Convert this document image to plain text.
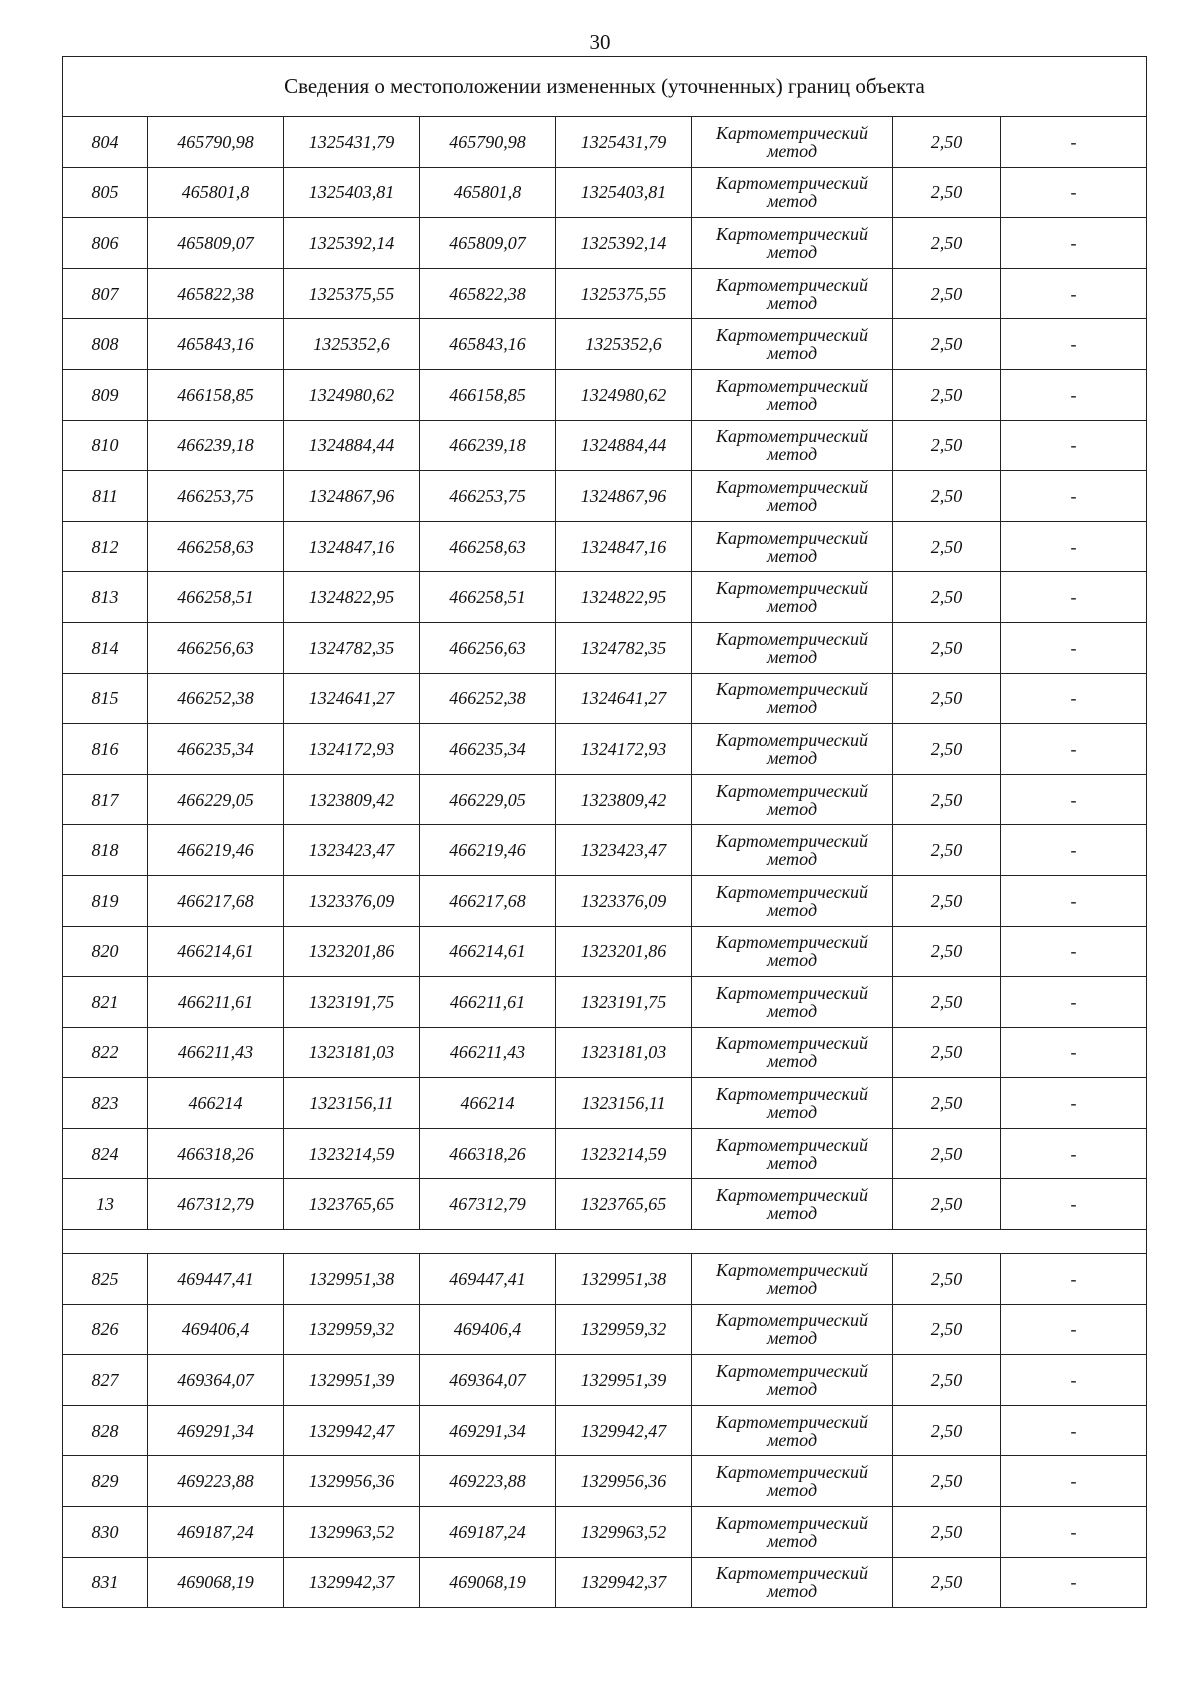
30
Сведения о местоположении измененных (уточненных) границ объекта							
804	465790,98	1325431,79	465790,98	1325431,79	Картометрический метод	2,50	-
805	465801,8	1325403,81	465801,8	1325403,81	Картометрический метод	2,50	-
806	465809,07	1325392,14	465809,07	1325392,14	Картометрический метод	2,50	-
807	465822,38	1325375,55	465822,38	1325375,55	Картометрический метод	2,50	-
808	465843,16	1325352,6	465843,16	1325352,6	Картометрический метод	2,50	-
809	466158,85	1324980,62	466158,85	1324980,62	Картометрический метод	2,50	-
810	466239,18	1324884,44	466239,18	1324884,44	Картометрический метод	2,50	-
811	466253,75	1324867,96	466253,75	1324867,96	Картометрический метод	2,50	-
812	466258,63	1324847,16	466258,63	1324847,16	Картометрический метод	2,50	-
813	466258,51	1324822,95	466258,51	1324822,95	Картометрический метод	2,50	-
814	466256,63	1324782,35	466256,63	1324782,35	Картометрический метод	2,50	-
815	466252,38	1324641,27	466252,38	1324641,27	Картометрический метод	2,50	-
816	466235,34	1324172,93	466235,34	1324172,93	Картометрический метод	2,50	-
817	466229,05	1323809,42	466229,05	1323809,42	Картометрический метод	2,50	-
818	466219,46	1323423,47	466219,46	1323423,47	Картометрический метод	2,50	-
819	466217,68	1323376,09	466217,68	1323376,09	Картометрический метод	2,50	-
820	466214,61	1323201,86	466214,61	1323201,86	Картометрический метод	2,50	-
821	466211,61	1323191,75	466211,61	1323191,75	Картометрический метод	2,50	-
822	466211,43	1323181,03	466211,43	1323181,03	Картометрический метод	2,50	-
823	466214	1323156,11	466214	1323156,11	Картометрический метод	2,50	-
824	466318,26	1323214,59	466318,26	1323214,59	Картометрический метод	2,50	-
13	467312,79	1323765,65	467312,79	1323765,65	Картометрический метод	2,50	-

825	469447,41	1329951,38	469447,41	1329951,38	Картометрический метод	2,50	-
826	469406,4	1329959,32	469406,4	1329959,32	Картометрический метод	2,50	-
827	469364,07	1329951,39	469364,07	1329951,39	Картометрический метод	2,50	-
828	469291,34	1329942,47	469291,34	1329942,47	Картометрический метод	2,50	-
829	469223,88	1329956,36	469223,88	1329956,36	Картометрический метод	2,50	-
830	469187,24	1329963,52	469187,24	1329963,52	Картометрический метод	2,50	-
831	469068,19	1329942,37	469068,19	1329942,37	Картометрический метод	2,50	-
